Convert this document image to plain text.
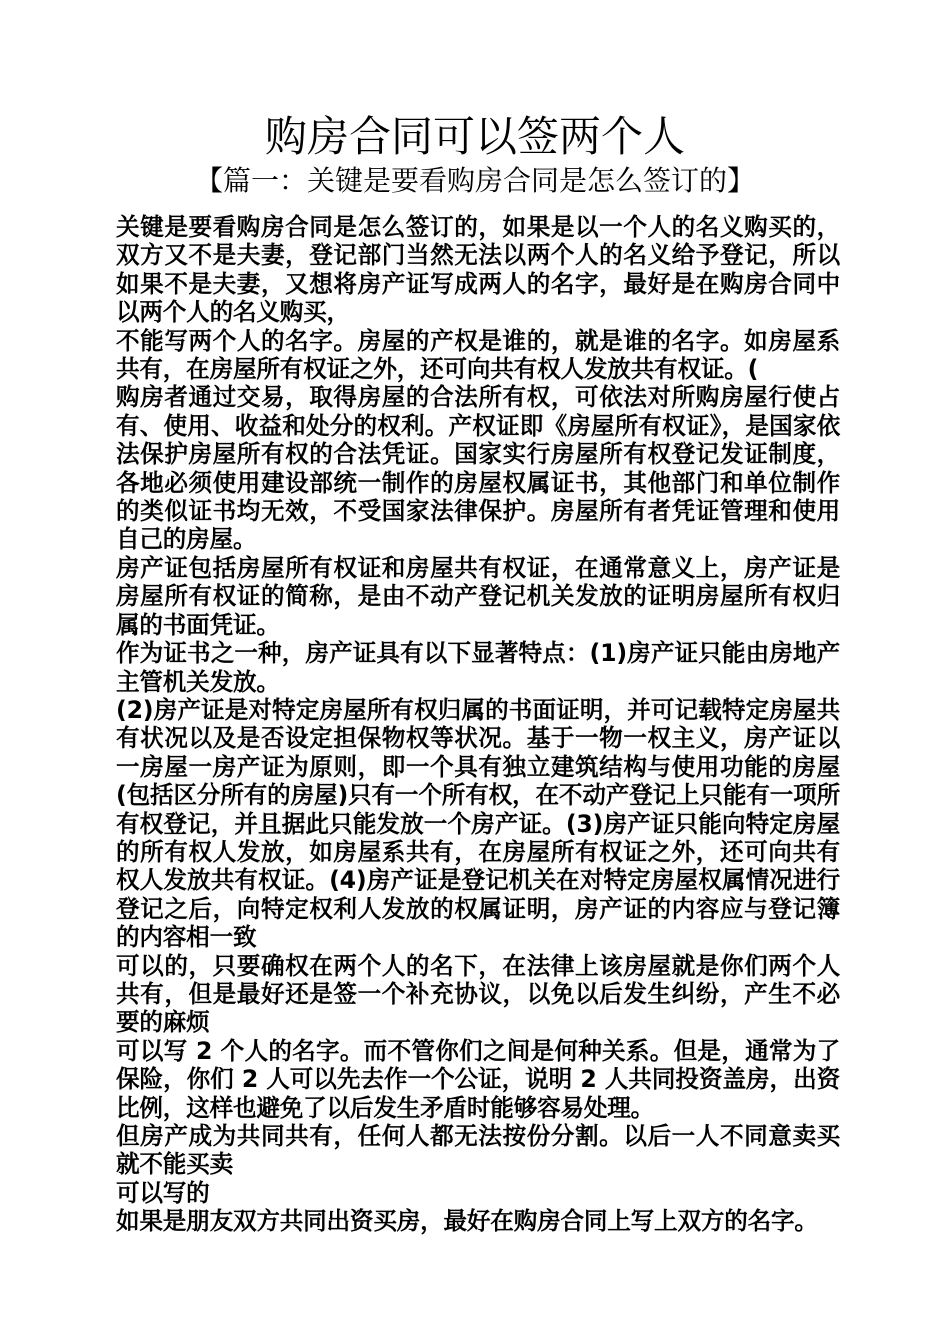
购房合同可以签两个人
【篇一：关键是要看购房合同是怎么签订的】

关键是要看购房合同是怎么签订的，如果是以一个人的名义购买的，双方又不是夫妻，登记部门当然无法以两个人的名义给予登记，所以如果不是夫妻，又想将房产证写成两人的名字，最好是在购房合同中以两个人的名义购买，

不能写两个人的名字。房屋的产权是谁的，就是谁的名字。如房屋系共有，在房屋所有权证之外，还可向共有权人发放共有权证。(

购房者通过交易，取得房屋的合法所有权，可依法对所购房屋行使占有、使用、收益和处分的权利。产权证即《房屋所有权证》，是国家依法保护房屋所有权的合法凭证。国家实行房屋所有权登记发证制度，各地必须使用建设部统一制作的房屋权属证书，其他部门和单位制作的类似证书均无效，不受国家法律保护。房屋所有者凭证管理和使用自己的房屋。

房产证包括房屋所有权证和房屋共有权证，在通常意义上，房产证是房屋所有权证的简称，是由不动产登记机关发放的证明房屋所有权归属的书面凭证。

作为证书之一种，房产证具有以下显著特点：(1)房产证只能由房地产主管机关发放。

(2)房产证是对特定房屋所有权归属的书面证明，并可记载特定房屋共有状况以及是否设定担保物权等状况。基于一物一权主义，房产证以一房屋一房产证为原则，即一个具有独立建筑结构与使用功能的房屋 (包括区分所有的房屋)只有一个所有权，在不动产登记上只能有一项所有权登记，并且据此只能发放一个房产证。(3)房产证只能向特定房屋的所有权人发放，如房屋系共有，在房屋所有权证之外，还可向共有权人发放共有权证。(4)房产证是登记机关在对特定房屋权属情况进行登记之后，向特定权利人发放的权属证明，房产证的内容应与登记簿的内容相一致

可以的，只要确权在两个人的名下，在法律上该房屋就是你们两个人共有，但是最好还是签一个补充协议，以免以后发生纠纷，产生不必要的麻烦

可以写 2 个人的名字。而不管你们之间是何种关系。但是，通常为了保险，你们 2 人可以先去作一个公证，说明 2 人共同投资盖房，出资比例，这样也避免了以后发生矛盾时能够容易处理。

但房产成为共同共有，任何人都无法按份分割。以后一人不同意卖买就不能买卖

可以写的

如果是朋友双方共同出资买房，最好在购房合同上写上双方的名字。
